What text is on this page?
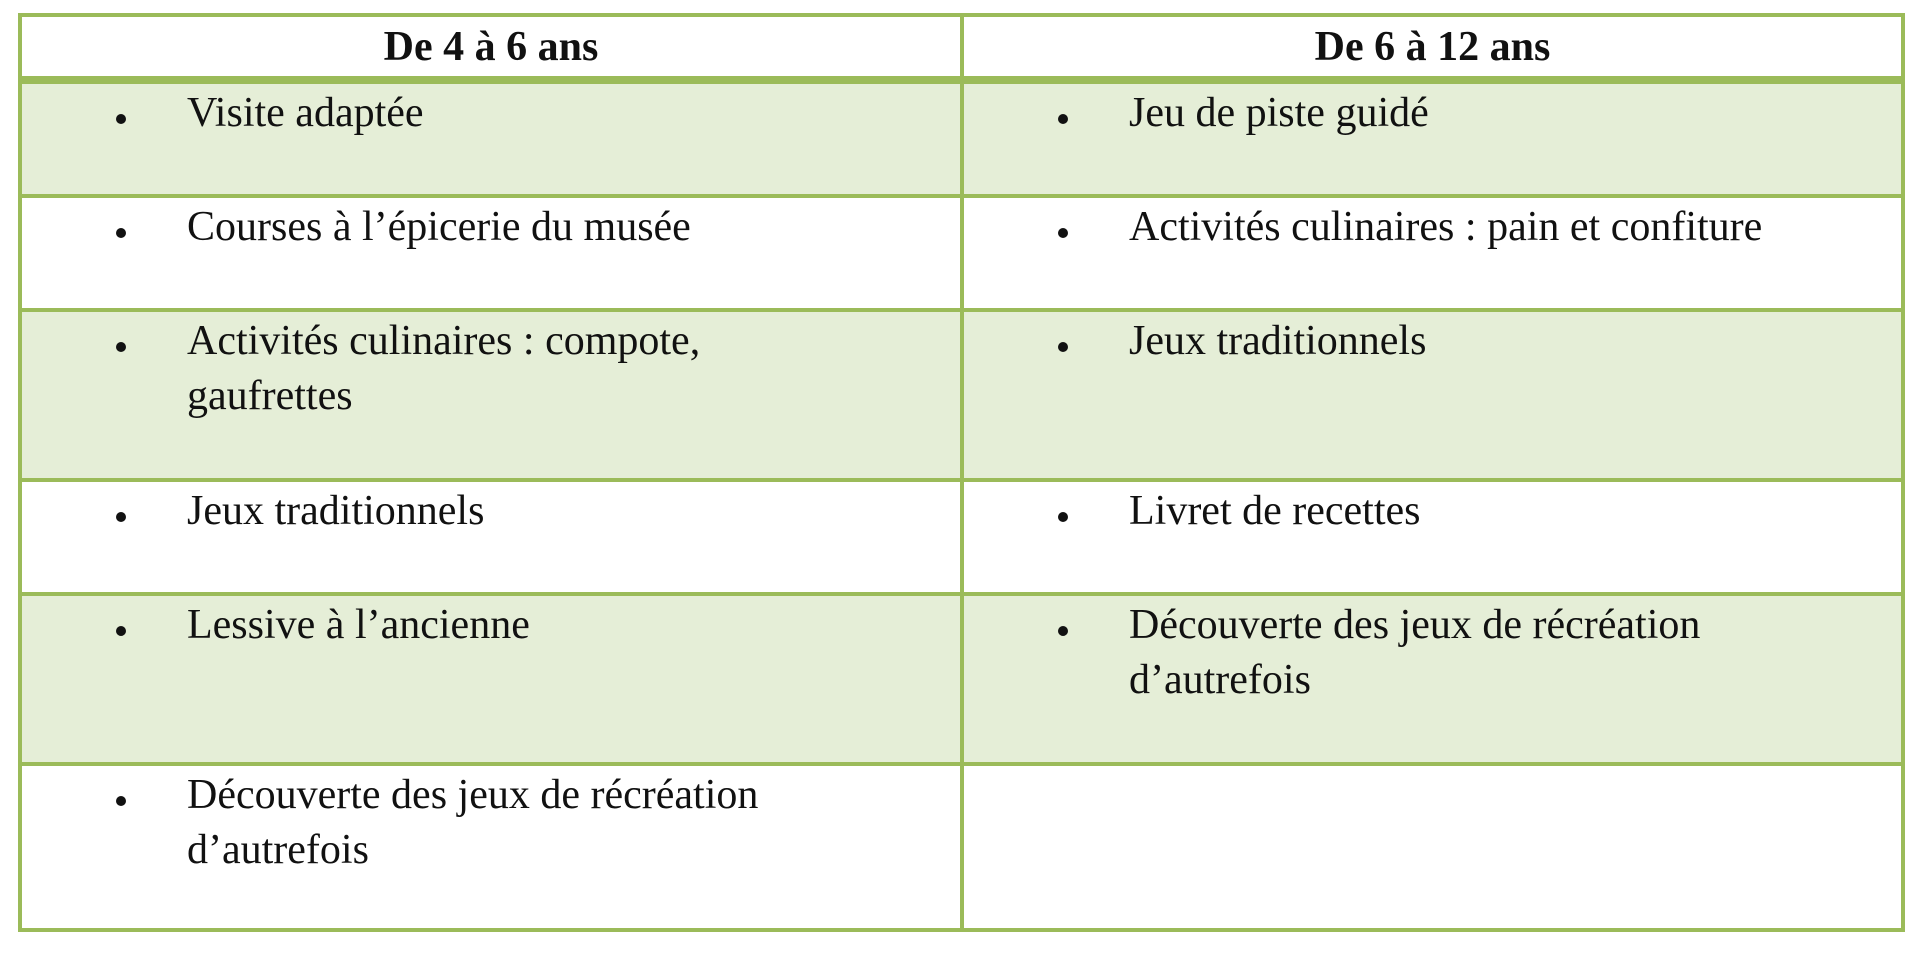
De 4 à 6 ans	De 6 à 12 ans

Visite adaptée	Jeu de piste guidé

Courses à l’épicerie du musée	Activités culinaires : pain et confiture

Activités culinaires : compote, gaufrettes	Jeux traditionnels

Jeux traditionnels	Livret de recettes

Lessive à l’ancienne	Découverte des jeux de récréation d’autrefois

Découverte des jeux de récréation d’autrefois	
